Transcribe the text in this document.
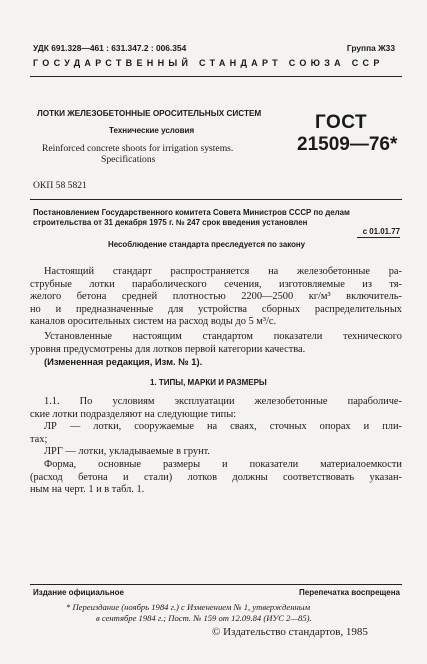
УДК 691.328—461 : 631.347.2 : 006.354	Группа Ж33
ГОСУДАРСТВЕННЫЙ СТАНДАРТ СОЮЗА ССР
ЛОТКИ ЖЕЛЕЗОБЕТОННЫЕ ОРОСИТЕЛЬНЫХ СИСТЕМ
Технические условия
Reinforced concrete shoots for irrigation systems.
Specifications
ГОСТ
21509—76*
ОКП 58 5821
Постановлением Государственного комитета Совета Министров СССР по делам
строительства от 31 декабря 1975 г. № 247 срок введения установлен
с 01.01.77
Несоблюдение стандарта преследуется по закону
Настоящий стандарт распространяется на железобетонные ра-
струбные лотки параболического сечения, изготовляемые из тя-
желого бетона средней плотностью 2200—2500 кг/м³ включитель-
но и предназначенные для устройства сборных распределительных
каналов оросительных систем на расход воды до 5 м³/с.
Установленные настоящим стандартом показатели технического
уровня предусмотрены для лотков первой категории качества.
(Измененная редакция, Изм. № 1).
1. ТИПЫ, МАРКИ И РАЗМЕРЫ
1.1. По условиям эксплуатации железобетонные параболиче-
ские лотки подразделяют на следующие типы:
ЛР — лотки, сооружаемые на сваях, сточных опорах и пли-
тах;
ЛРГ — лотки, укладываемые в грунт.
Форма, основные размеры и показатели материалоемкости
(расход бетона и стали) лотков должны соответствовать указан-
ным на черт. 1 и в табл. 1.
Издание официальное	Перепечатка воспрещена
* Переиздание (ноябрь 1984 г.) с Изменением № 1, утвержденным
в сентябре 1984 г.; Пост. № 159 от 12.09.84 (ИУС 2—85).
© Издательство стандартов, 1985
